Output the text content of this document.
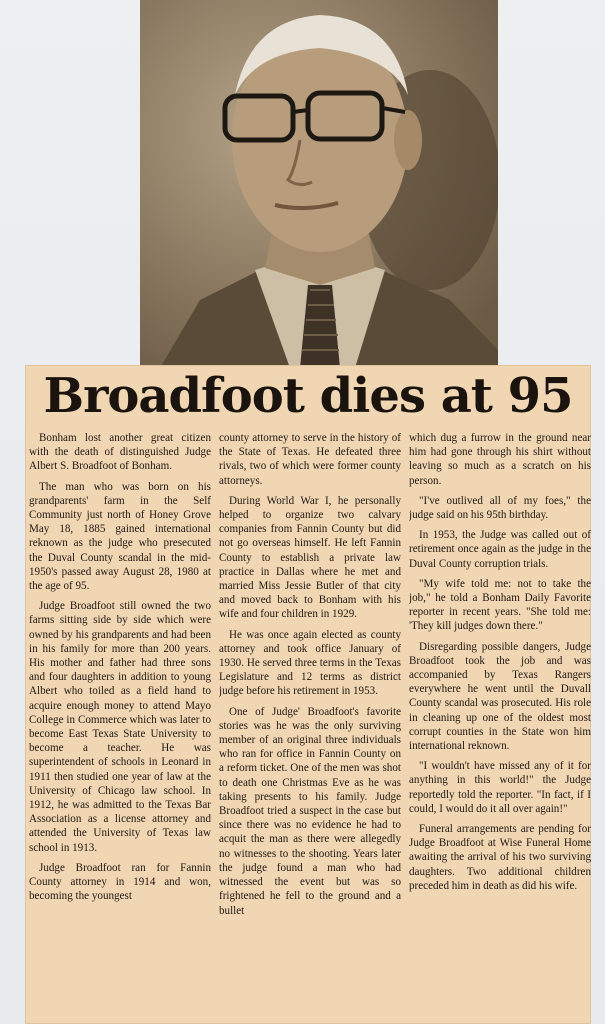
Broadfoot dies at 95

Bonham lost another great citizen with the death of distinguished Judge Albert S. Broadfoot of Bonham.

The man who was born on his grandparents' farm in the Self Community just north of Honey Grove May 18, 1885 gained international reknown as the judge who presecuted the Duval County scandal in the mid-1950's passed away August 28, 1980 at the age of 95.

Judge Broadfoot still owned the two farms sitting side by side which were owned by his grandparents and had been in his family for more than 200 years. His mother and father had three sons and four daughters in addition to young Albert who toiled as a field hand to acquire enough money to attend Mayo College in Commerce which was later to become East Texas State University to become a teacher. He was superintendent of schools in Leonard in 1911 then studied one year of law at the University of Chicago law school. In 1912, he was admitted to the Texas Bar Association as a license attorney and attended the University of Texas law school in 1913.

Judge Broadfoot ran for Fannin County attorney in 1914 and won, becoming the youngest

county attorney to serve in the history of the State of Texas. He defeated three rivals, two of which were former county attorneys.

During World War I, he personally helped to organize two calvary companies from Fannin County but did not go overseas himself. He left Fannin County to establish a private law practice in Dallas where he met and married Miss Jessie Butler of that city and moved back to Bonham with his wife and four children in 1929.

He was once again elected as county attorney and took office January of 1930. He served three terms in the Texas Legislature and 12 terms as district judge before his retirement in 1953.

One of Judge' Broadfoot's favorite stories was he was the only surviving member of an original three individuals who ran for office in Fannin County on a reform ticket. One of the men was shot to death one Christmas Eve as he was taking presents to his family. Judge Broadfoot tried a suspect in the case but since there was no evidence he had to acquit the man as there were allegedly no witnesses to the shooting. Years later the judge found a man who had witnessed the event but was so frightened he fell to the ground and a bullet

which dug a furrow in the ground near him had gone through his shirt without leaving so much as a scratch on his person.

"I've outlived all of my foes," the judge said on his 95th birthday.

In 1953, the Judge was called out of retirement once again as the judge in the Duval County corruption trials.

"My wife told me: not to take the job," he told a Bonham Daily Favorite reporter in recent years. "She told me: 'They kill judges down there."

Disregarding possible dangers, Judge Broadfoot took the job and was accompanied by Texas Rangers everywhere he went until the Duvall County scandal was prosecuted. His role in cleaning up one of the oldest most corrupt counties in the State won him international reknown.

"I wouldn't have missed any of it for anything in this world!" the Judge reportedly told the reporter. "In fact, if I could, I would do it all over again!"

Funeral arrangements are pending for Judge Broadfoot at Wise Funeral Home awaiting the arrival of his two surviving daughters. Two additional children preceded him in death as did his wife.
